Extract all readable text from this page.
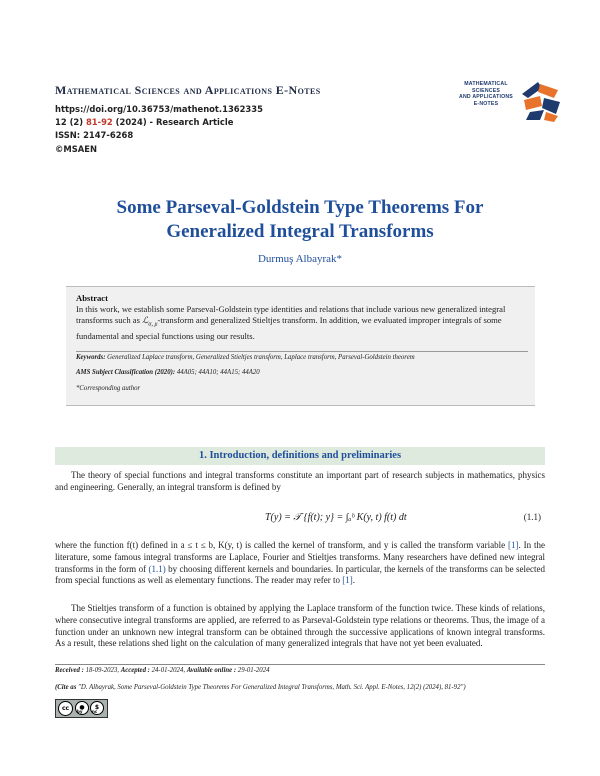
Mathematical Sciences and Applications E-Notes
https://doi.org/10.36753/mathenot.1362335
12 (2) 81-92 (2024) - Research Article
ISSN: 2147-6268
©MSAEN
MATHEMATICAL
SCIENCES
AND APPLICATIONS
E-NOTES
Some Parseval-Goldstein Type Theorems For
Generalized Integral Transforms
Durmuş Albayrak*
Abstract
In this work, we establish some Parseval-Goldstein type identities and relations that include various new generalized integral transforms such as ℒ$_{\alpha, \mu}$-transform and generalized Stieltjes transform. In addition, we evaluated improper integrals of some fundamental and special functions using our results.
Keywords: Generalized Laplace transform, Generalized Stieltjes transform, Laplace transform, Parseval-Goldstein theorem
AMS Subject Classification (2020): 44A05; 44A10; 44A15; 44A20
*Corresponding author
1. Introduction, definitions and preliminaries
The theory of special functions and integral transforms constitute an important part of research subjects in mathematics, physics and engineering. Generally, an integral transform is defined by
T(y) = 𝒯 {f(t); y} = ∫ₐᵇ K(y, t) f(t) dt	(1.1)
where the function f(t) defined in a ≤ t ≤ b, K(y, t) is called the kernel of transform, and y is called the transform variable [1]. In the literature, some famous integral transforms are Laplace, Fourier and Stieltjes transforms. Many researchers have defined new integral transforms in the form of (1.1) by choosing different kernels and boundaries. In particular, the kernels of the transforms can be selected from special functions as well as elementary functions. The reader may refer to [1].
The Stieltjes transform of a function is obtained by applying the Laplace transform of the function twice. These kinds of relations, where consecutive integral transforms are applied, are referred to as Parseval-Goldstein type relations or theorems. Thus, the image of a function under an unknown new integral transform can be obtained through the successive applications of known integral transforms. As a result, these relations shed light on the calculation of many generalized integrals that have not yet been evaluated.
Received : 18-09-2023, Accepted : 24-01-2024, Available online : 29-01-2024
(Cite as "D. Albayrak, Some Parseval-Goldstein Type Theorems For Generalized Integral Transforms, Math. Sci. Appl. E-Notes, 12(2) (2024), 81-92")
cc	●	$
by nc
